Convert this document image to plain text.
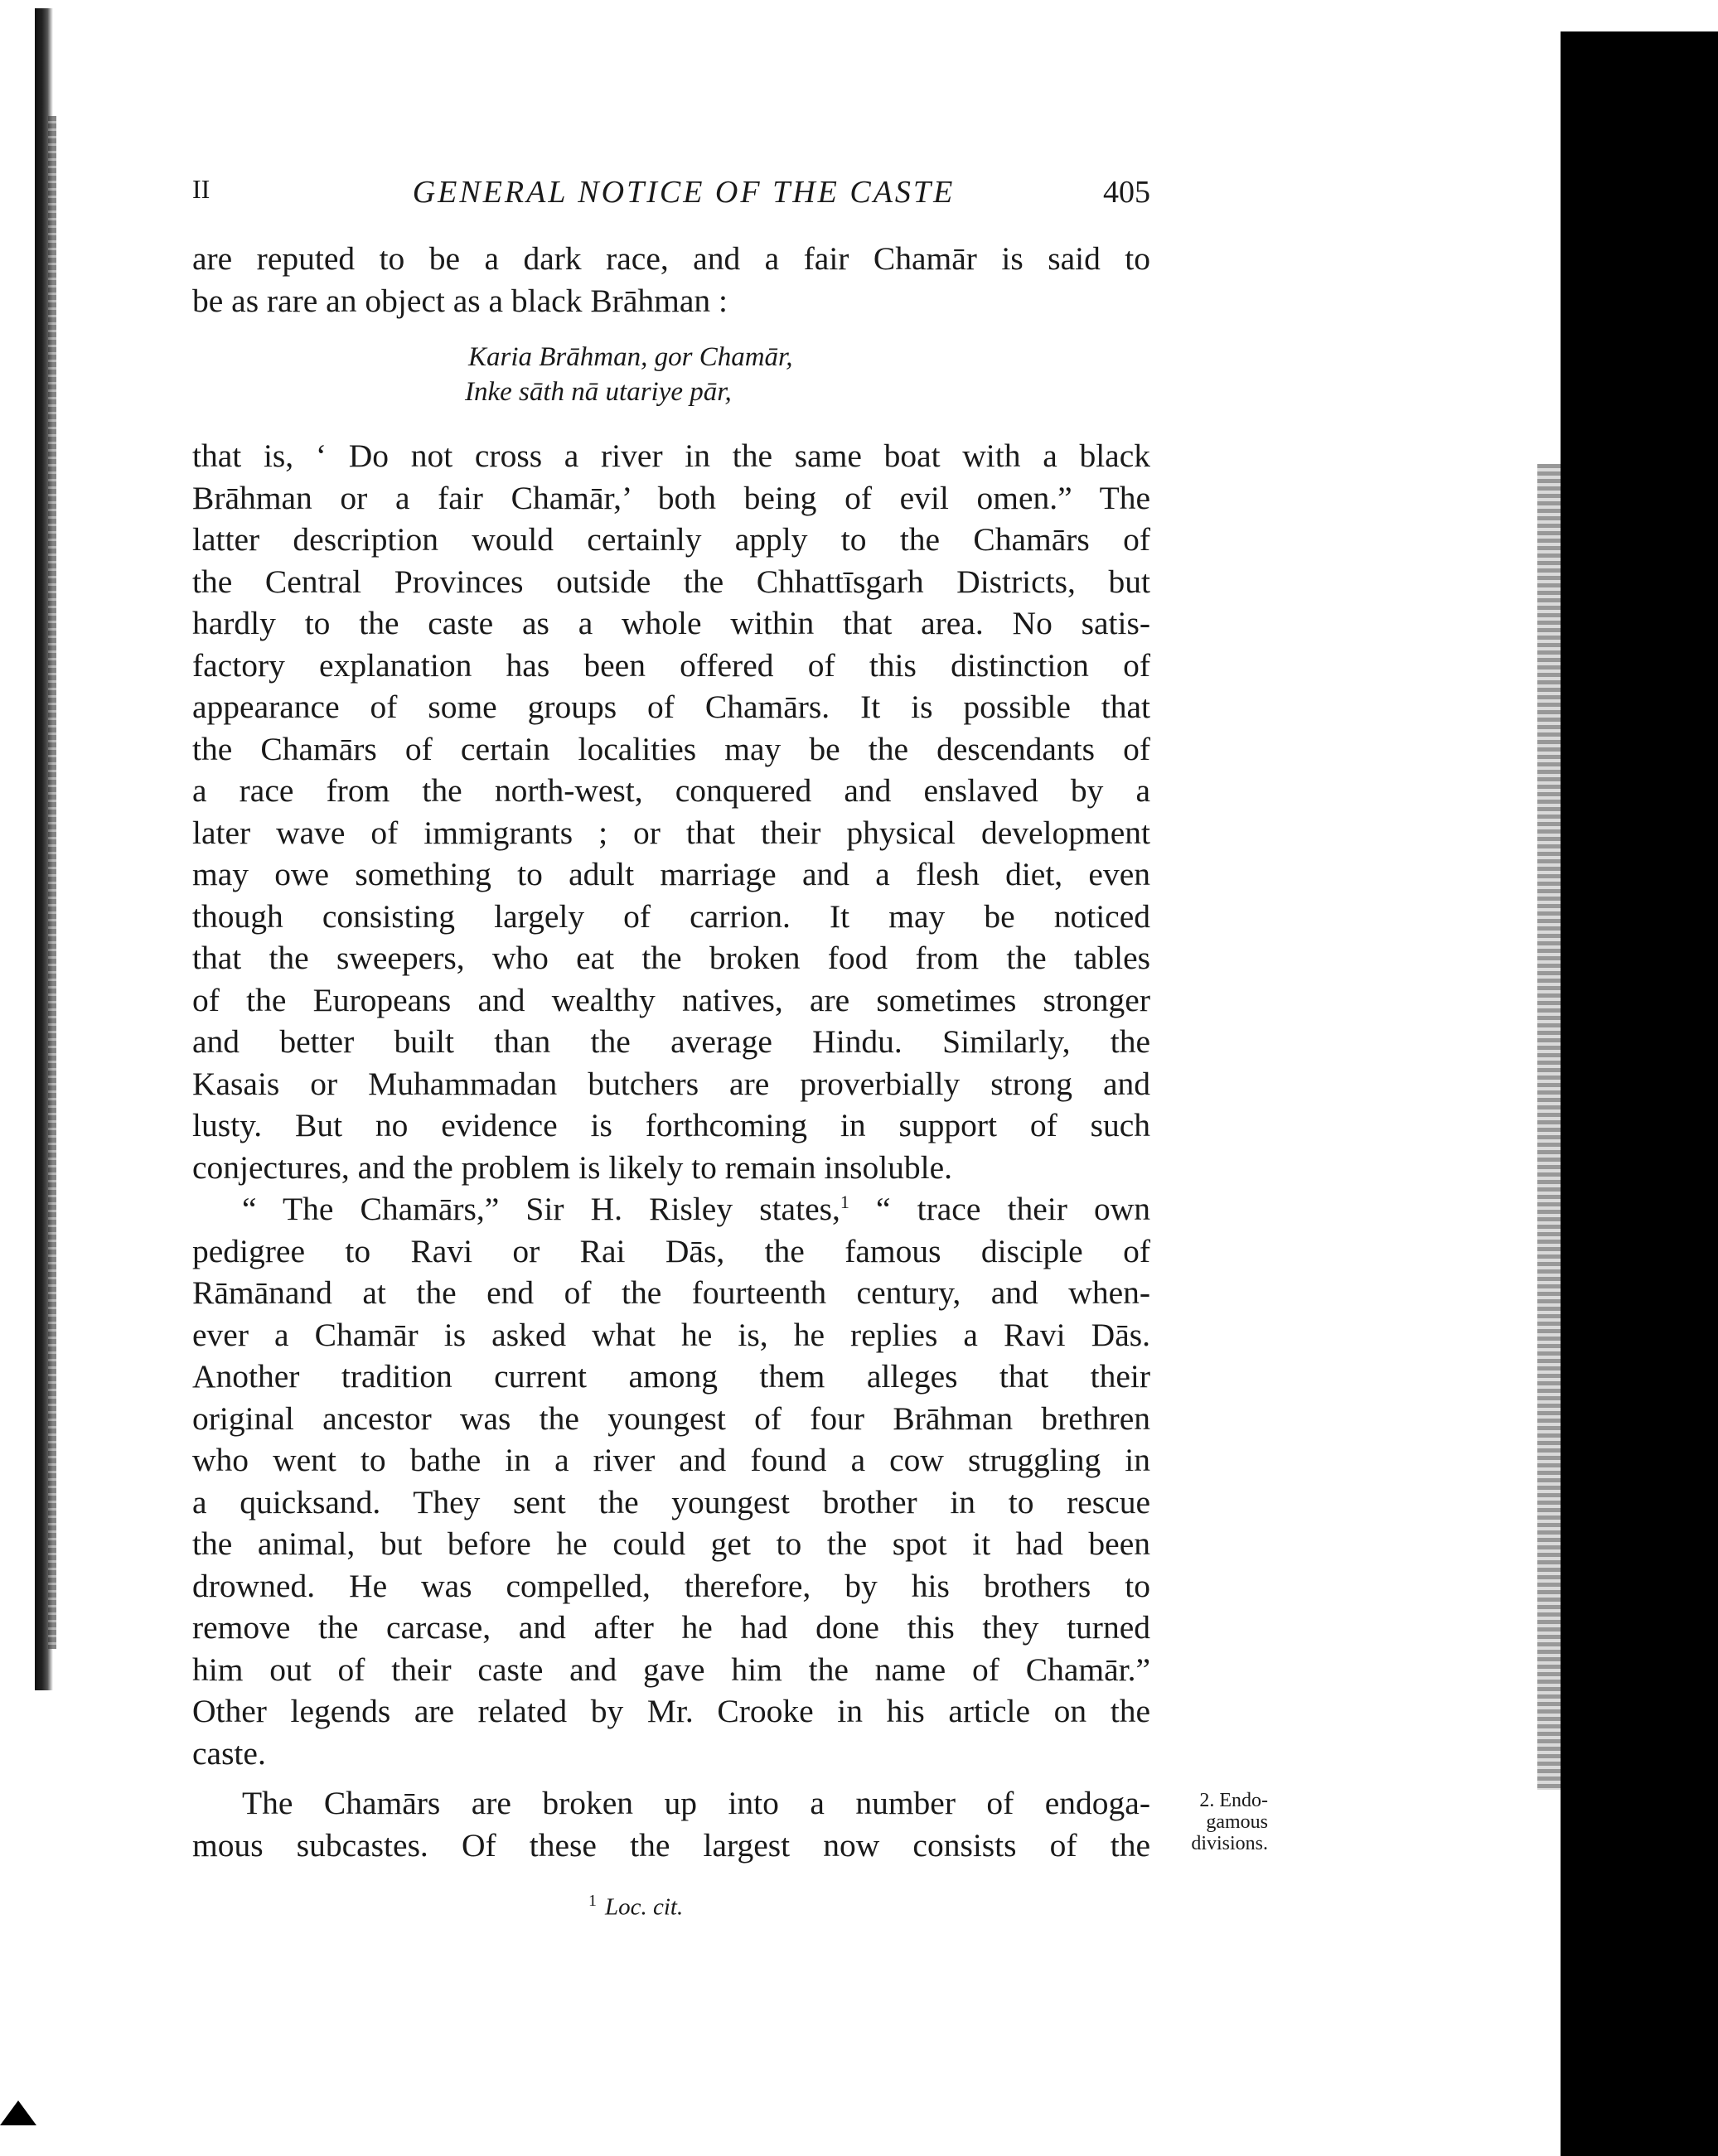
II	GENERAL NOTICE OF THE CASTE	405
are reputed to be a dark race, and a fair Chamār is said to
be as rare an object as a black Brāhman :
Karia Brāhman, gor Chamār,
Inke sāth nā utariye pār,
that is, ‘ Do not cross a river in the same boat with a black
Brāhman or a fair Chamār,’ both being of evil omen.” The
latter description would certainly apply to the Chamārs of
the Central Provinces outside the Chhattīsgarh Districts, but
hardly to the caste as a whole within that area. No satis-
factory explanation has been offered of this distinction of
appearance of some groups of Chamārs. It is possible that
the Chamārs of certain localities may be the descendants of
a race from the north-west, conquered and enslaved by a
later wave of immigrants ; or that their physical development
may owe something to adult marriage and a flesh diet, even
though consisting largely of carrion. It may be noticed
that the sweepers, who eat the broken food from the tables
of the Europeans and wealthy natives, are sometimes stronger
and better built than the average Hindu. Similarly, the
Kasais or Muhammadan butchers are proverbially strong and
lusty. But no evidence is forthcoming in support of such
conjectures, and the problem is likely to remain insoluble.
“ The Chamārs,” Sir H. Risley states,$^1$ “ trace their own
pedigree to Ravi or Rai Dās, the famous disciple of
Rāmānand at the end of the fourteenth century, and when-
ever a Chamār is asked what he is, he replies a Ravi Dās.
Another tradition current among them alleges that their
original ancestor was the youngest of four Brāhman brethren
who went to bathe in a river and found a cow struggling in
a quicksand. They sent the youngest brother in to rescue
the animal, but before he could get to the spot it had been
drowned. He was compelled, therefore, by his brothers to
remove the carcase, and after he had done this they turned
him out of their caste and gave him the name of Chamār.”
Other legends are related by Mr. Crooke in his article on the
caste.
The Chamārs are broken up into a number of endoga-
mous subcastes. Of these the largest now consists of the
2. Endo-
gamous
divisions.
$^1$ Loc. cit.
